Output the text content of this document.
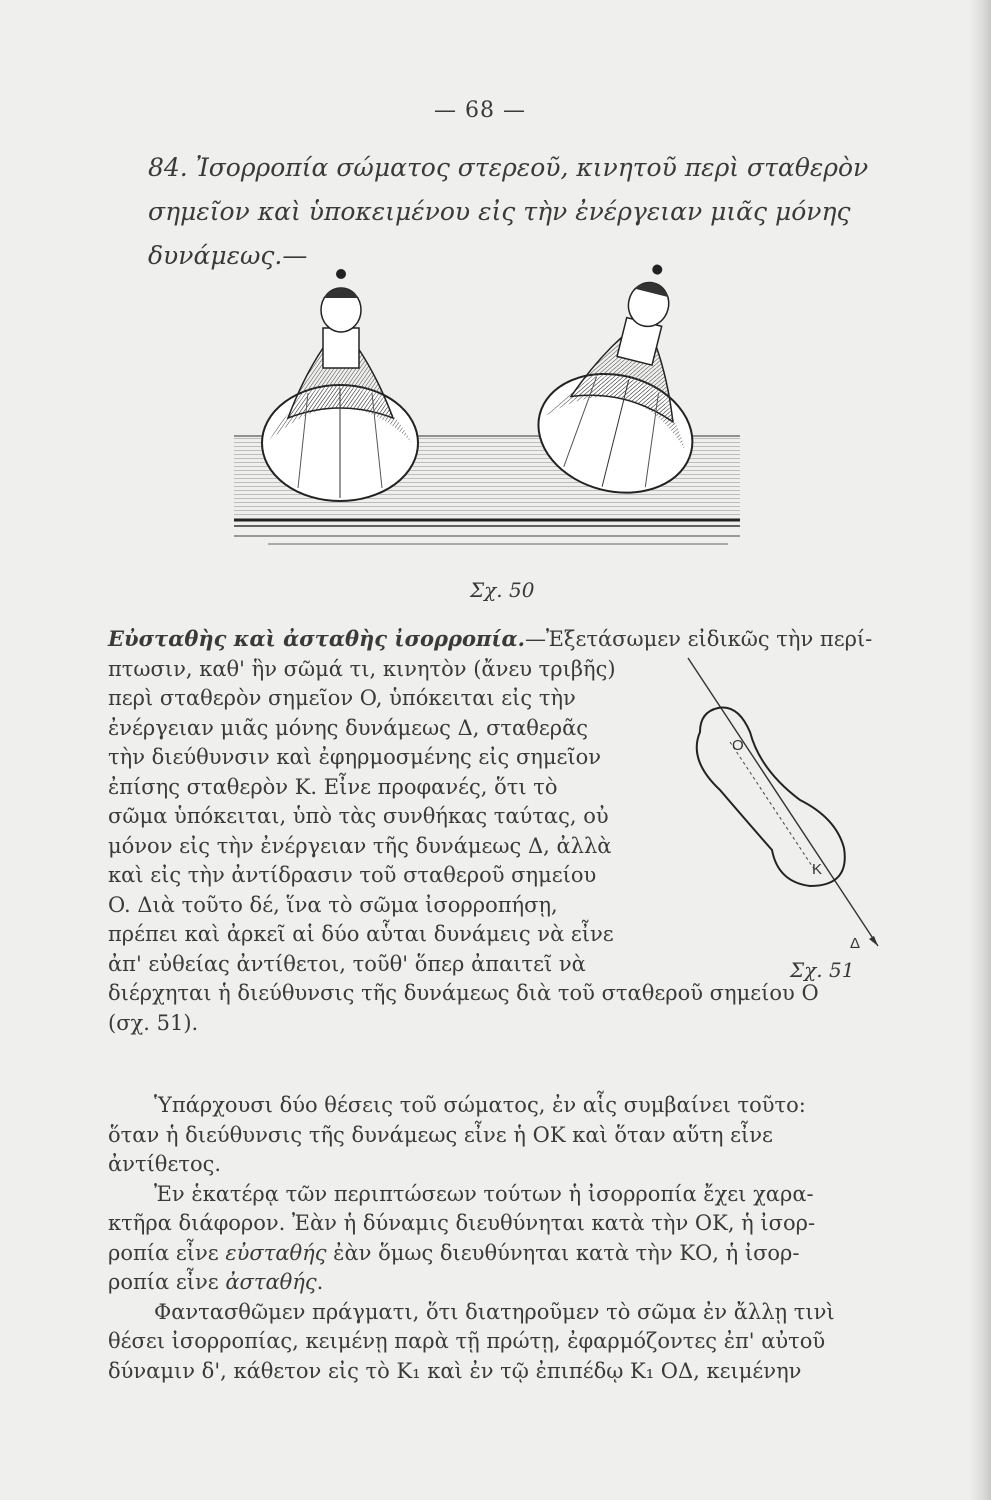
— 68 —
84. Ἰσορροπία σώματος στερεοῦ, κινητοῦ περὶ σταθερὸν σημεῖον καὶ ὑποκειμένου εἰς τὴν ἐνέργειαν μιᾶς μόνης δυνάμεως.—
Σχ. 50
O
K
Δ
Σχ. 51
Εὐσταθὴς καὶ ἀσταθὴς ἰσορροπία.—Ἐξετάσωμεν εἰδικῶς τὴν περί-
πτωσιν, καθ' ἣν σῶμά τι, κινητὸν (ἄνευ τριβῆς)
περὶ σταθερὸν σημεῖον O, ὑπόκειται εἰς τὴν
ἐνέργειαν μιᾶς μόνης δυνάμεως Δ, σταθερᾶς
τὴν διεύθυνσιν καὶ ἐφηρμοσμένης εἰς σημεῖον
ἐπίσης σταθερὸν Κ. Εἶνε προφανές, ὅτι τὸ
σῶμα ὑπόκειται, ὑπὸ τὰς συνθήκας ταύτας, οὐ
μόνον εἰς τὴν ἐνέργειαν τῆς δυνάμεως Δ, ἀλλὰ
καὶ εἰς τὴν ἀντίδρασιν τοῦ σταθεροῦ σημείου
O. Διὰ τοῦτο δέ, ἵνα τὸ σῶμα ἰσορροπήσῃ,
πρέπει καὶ ἀρκεῖ αἱ δύο αὗται δυνάμεις νὰ εἶνε
ἀπ' εὐθείας ἀντίθετοι, τοῦθ' ὅπερ ἀπαιτεῖ νὰ
διέρχηται ἡ διεύθυνσις τῆς δυνάμεως διὰ τοῦ σταθεροῦ σημείου O
(σχ. 51).
Ὑπάρχουσι δύο θέσεις τοῦ σώματος, ἐν αἷς συμβαίνει τοῦτο:
ὅταν ἡ διεύθυνσις τῆς δυνάμεως εἶνε ἡ ΟΚ καὶ ὅταν αὕτη εἶνε
ἀντίθετος.
Ἐν ἑκατέρᾳ τῶν περιπτώσεων τούτων ἡ ἰσορροπία ἔχει χαρα-
κτῆρα διάφορον. Ἐὰν ἡ δύναμις διευθύνηται κατὰ τὴν ΟΚ, ἡ ἰσορ-
ροπία εἶνε εὐσταθής ἐὰν ὅμως διευθύνηται κατὰ τὴν ΚΟ, ἡ ἰσορ-
ροπία εἶνε ἀσταθής.
Φαντασθῶμεν πράγματι, ὅτι διατηροῦμεν τὸ σῶμα ἐν ἄλλῃ τινὶ
θέσει ἰσορροπίας, κειμένῃ παρὰ τῇ πρώτῃ, ἐφαρμόζοντες ἐπ' αὐτοῦ
δύναμιν δ', κάθετον εἰς τὸ Κ₁ καὶ ἐν τῷ ἐπιπέδῳ Κ₁ ΟΔ, κειμένην
